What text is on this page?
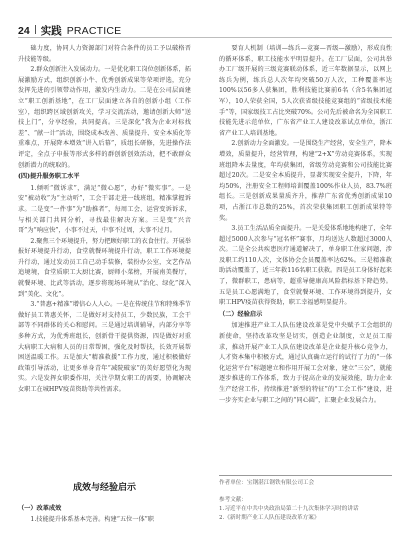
24 实践 PRACTICE

础力度，协同人力资源部门对符合条件的员工予以破格晋升技能等级。

2.群众创新注入发展动力。一是优化职工岗位创新体系，拓展激励方式，组织创新小牛、优秀创新成果等荣项评选，充分发挥先进的引领带动作用，激发内生动力。二是在公司层面建立“职工创新基地”，在工厂层面建立各自的创新小组（工作室），组织跨区域创新攻关，学习交流活动，邀请创新大师“送技上门”，分享经验，共同提高。三是深化“我为企业对标找差”、“献一计”活动，围绕成本改善、质量提升、安全本质化等重难点，开展降本增效“讲入后幕”，质组长研修，先进操作法评定，全点子申报等形式多样的群创新创效活动，把不敢群众创新潜力的统取的。

(四)提升服务职工水平

1.倾听“微诉求”，满足“微心愿”，办好“微实事”。一是安“被动收”为“主动听”，工会干部走进一线班组，精准掌握诉求。二是变“一件事”为“助推者”，每周工会、运营变诉诉求，与相关部门共同分析，寻找最佳解决方案。三是变“兴音哥”为“响应快”，小事不过天，中事不过周，大事不过月。

2.聚焦三个环境提升，努力把顾好职工的衣食住行。开展举报好环境提升行动，食堂就餐环境提升行动，职工工作环境提升行动，通过发动员工自己动手装修，装扮办公室，文艺作品追境境，食堂质职工大厨比赛，厨师小菜榜，开展南美餐厅，就餐环境、比武等活动，逐步将现场环境从“治化、绿化”深入到“美化、文化”。

3.“普惠+精准”增信心人人心。一是在传统佳节和特殊季节做好员工普惠关怀，二是做好对支持员工，少数民族，工会干部等不同群体的关心和慰问。三是通过培训辅导，内部分享等多种方式，为优秀班组长，创新骨干提供资源，四是做好对重大病职工大病和人员的日常帮困，强化及时帮扶，长效开展帮困送温暖工作。五是加大“精准救援”工作力度，通过积极做好政策引导活动，让更多单身青年“减院破家”的美好愿望化为现实。六是发挥女职委作用，关注孕期女职工的需要，协调解决女职工在城HPV疫苗资助等共性需求。

要育人机制（培训—练兵—竞赛—晋级—激励），形成良性的循环体系，职工技能水平明显提升。在工厂层面，公司共举办工厂级开展的三级竞赛联动体系，近三年数据显示，以网上练兵为例，练兵总人次年均突破50万人次，工种覆盖率达100%以56多人获集团，胜利技能比赛前6名（含5名集团冠军），10人荣获全国，5人次获省级技能竞赛组的“省级技术能手”等，国家级技工占比突破70%。公司先后被命名为全国职工技能先进示范单位，广东省产业工人建设改革试点单位，浙江省产业工人培训基地。

2.创新动力全面激发。一是围绕生产经营，安全生产，降本增效，质量提升，经营管理，构建“2+X”劳动竞赛体系，实现班组降本去量度，年均获集团，省级劳动竞赛和公司技能比赛超过20次。二是安全本质提升，显著实现安全提升，下降，年均50%，注册安全工程师培训覆盖100%作业人员，83.7%班组长。三是创新成果量质齐升，推荐广东省优秀创新成果10项，占浙江市总数的25%，首次荣获集团职工创新成果特等奖。

3.员工生活品质全面提升。一是关爱体系地地构建了，全年超过5000人次参与“冠名杯”赛事，月均送达人数超过3000人次。二是全公共疾患医疗通道解决了，单身职工住家问题，涉及职工约110人次，文体协会会员覆盖率达62%。三是精准救助活动覆盖了，近三年救116名职工获救。四是员工身体好起来了，微群职工，患病等，超重导健康高风险指标基下降趋势。五是员工心愿满地了，食堂就餐环境、工作环境得到提升，女职工HPV疫苗获得资助，职工幸福感明显提升。

（二）经验启示

加速推进产业工人队伍建设改革是党中央赋予工会组织的新使命，坚持改革攻坚是切实，创造企业制度，立足员工需求，推动开展产业工人队伍建设改革是企业提升核心竞争力，人才资本集中积极方式，通过认真确立运行的试行了力的“一体化运营平台”标题建立和作用开展工会对象，建立“三公”，就能逐步推进的工作体系，致力于提高企业的发展效能，助力企业生产经营工作，持续推进“新型的特征”的“工会工作”建设，进一步夯实企业与职工之间的“同心圆”，汇聚企业发展合力。

成效与经验启示

（一）改革成效

1.技能提升体系基本完善。构建“五位一体”职

作者单位：宝钢湛江钢铁有限公司工会

参考文献：

1.习近平在中共中央政治局第二十九次集体学习时的讲话

2.《新时期产业工人队伍建设改革方案》
